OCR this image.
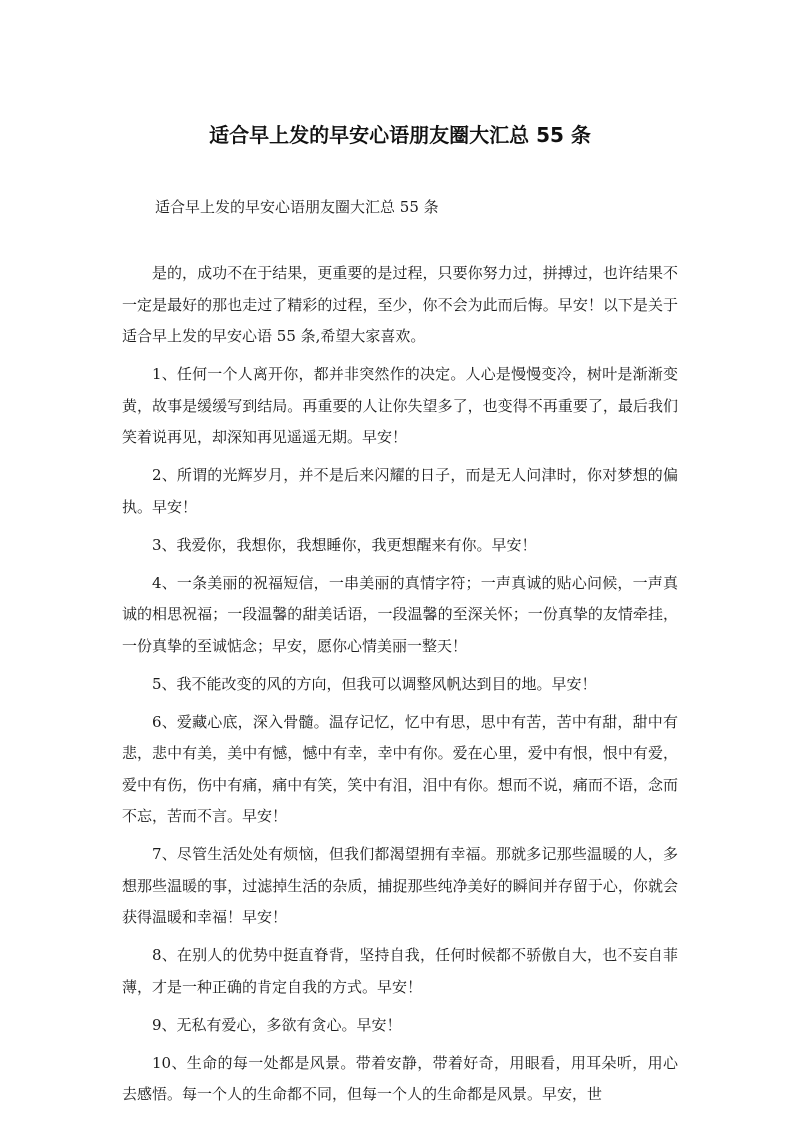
适合早上发的早安心语朋友圈大汇总 55 条

适合早上发的早安心语朋友圈大汇总 55 条

是的，成功不在于结果，更重要的是过程，只要你努力过，拼搏过，也许结果不一定是最好的那也走过了精彩的过程，至少，你不会为此而后悔。早安！以下是关于适合早上发的早安心语 55 条,希望大家喜欢。

1、任何一个人离开你，都并非突然作的决定。人心是慢慢变冷，树叶是渐渐变黄，故事是缓缓写到结局。再重要的人让你失望多了，也变得不再重要了，最后我们笑着说再见，却深知再见遥遥无期。早安！

2、所谓的光辉岁月，并不是后来闪耀的日子，而是无人问津时，你对梦想的偏执。早安！

3、我爱你，我想你，我想睡你，我更想醒来有你。早安！

4、一条美丽的祝福短信，一串美丽的真情字符；一声真诚的贴心问候，一声真诚的相思祝福；一段温馨的甜美话语，一段温馨的至深关怀；一份真挚的友情牵挂，一份真挚的至诚惦念；早安，愿你心情美丽一整天！

5、我不能改变的风的方向，但我可以调整风帆达到目的地。早安！

6、爱藏心底，深入骨髓。温存记忆，忆中有思，思中有苦，苦中有甜，甜中有悲，悲中有美，美中有憾，憾中有幸，幸中有你。爱在心里，爱中有恨，恨中有爱，爱中有伤，伤中有痛，痛中有笑，笑中有泪，泪中有你。想而不说，痛而不语，念而不忘，苦而不言。早安！

7、尽管生活处处有烦恼，但我们都渴望拥有幸福。那就多记那些温暖的人，多想那些温暖的事，过滤掉生活的杂质，捕捉那些纯净美好的瞬间并存留于心，你就会获得温暖和幸福！早安！

8、在别人的优势中挺直脊背，坚持自我，任何时候都不骄傲自大，也不妄自菲薄，才是一种正确的肯定自我的方式。早安！

9、无私有爱心，多欲有贪心。早安！

10、生命的每一处都是风景。带着安静，带着好奇，用眼看，用耳朵听，用心去感悟。每一个人的生命都不同，但每一个人的生命都是风景。早安，世
